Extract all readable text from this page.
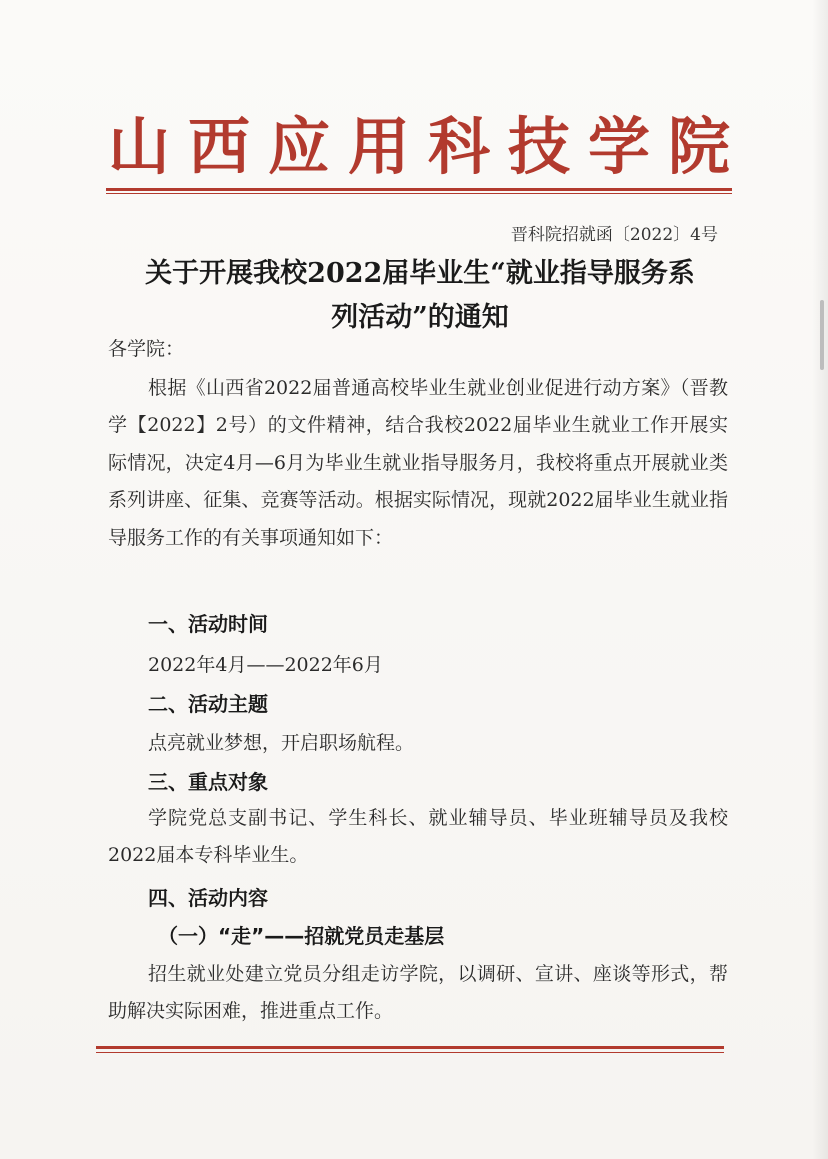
山西应用科技学院
晋科院招就函〔2022〕4号
关于开展我校2022届毕业生“就业指导服务系
列活动”的通知
各学院：
根据《山西省2022届普通高校毕业生就业创业促进行动方案》（晋教学【2022】2号）的文件精神，结合我校2022届毕业生就业工作开展实际情况，决定4月—6月为毕业生就业指导服务月，我校将重点开展就业类系列讲座、征集、竞赛等活动。根据实际情况，现就2022届毕业生就业指导服务工作的有关事项通知如下：
一、活动时间
2022年4月——2022年6月
二、活动主题
点亮就业梦想，开启职场航程。
三、重点对象
学院党总支副书记、学生科长、就业辅导员、毕业班辅导员及我校2022届本专科毕业生。
四、活动内容
（一）“走”——招就党员走基层
招生就业处建立党员分组走访学院，以调研、宣讲、座谈等形式，帮助解决实际困难，推进重点工作。
